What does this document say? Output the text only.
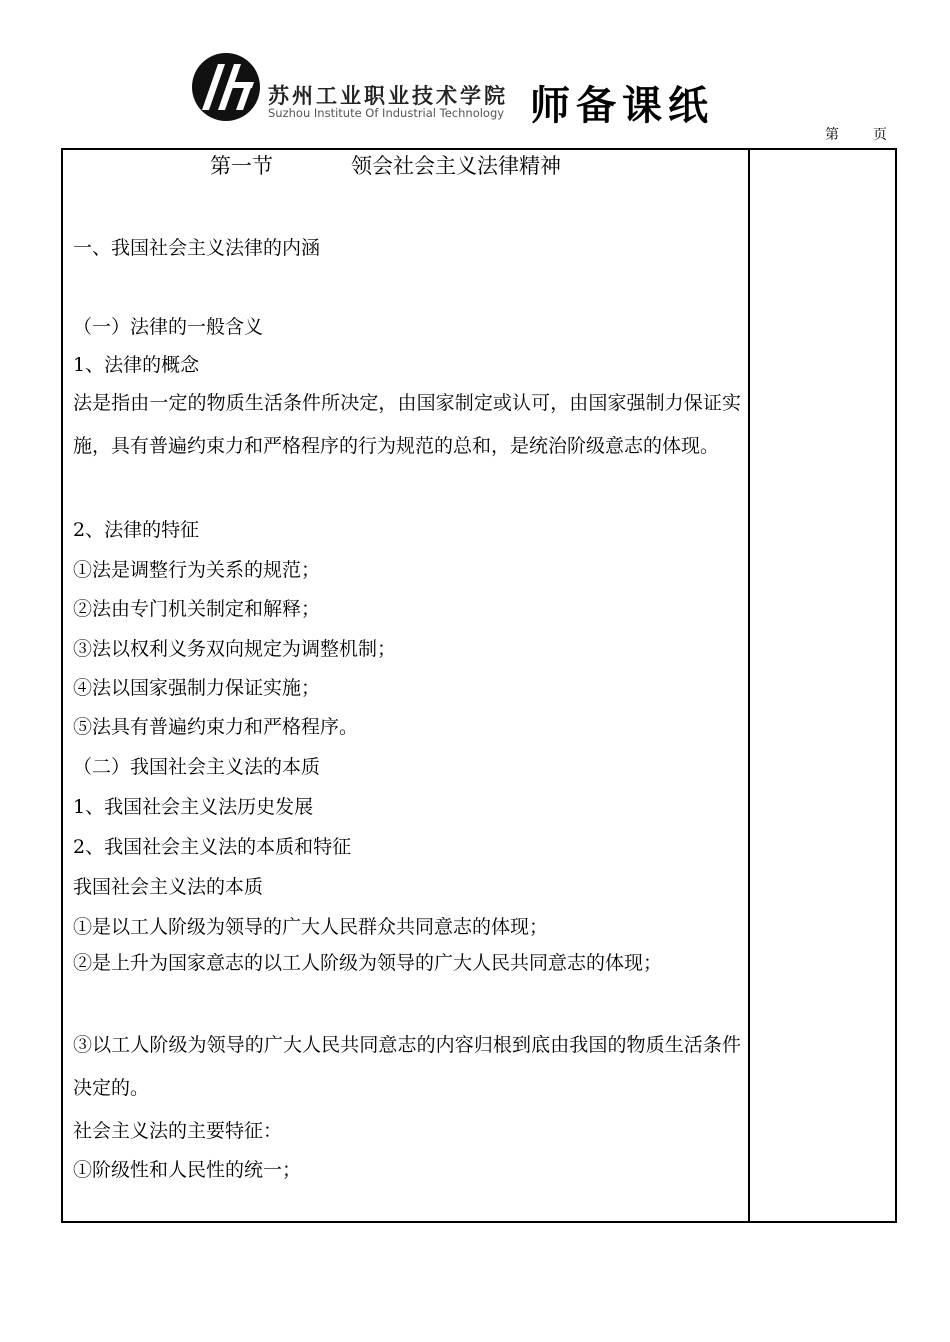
苏州工业职业技术学院
Suzhou Institute Of Industrial Technology 师备课纸
第 页
第一节	领会社会主义法律精神
一、我国社会主义法律的内涵
（一）法律的一般含义
1、法律的概念
法是指由一定的物质生活条件所决定，由国家制定或认可，由国家强制力保证实施，具有普遍约束力和严格程序的行为规范的总和，是统治阶级意志的体现。
2、法律的特征
①法是调整行为关系的规范；
②法由专门机关制定和解释；
③法以权利义务双向规定为调整机制；
④法以国家强制力保证实施；
⑤法具有普遍约束力和严格程序。
（二）我国社会主义法的本质
1、我国社会主义法历史发展
2、我国社会主义法的本质和特征
我国社会主义法的本质
①是以工人阶级为领导的广大人民群众共同意志的体现；
②是上升为国家意志的以工人阶级为领导的广大人民共同意志的体现；
③以工人阶级为领导的广大人民共同意志的内容归根到底由我国的物质生活条件决定的。
社会主义法的主要特征：
①阶级性和人民性的统一；
